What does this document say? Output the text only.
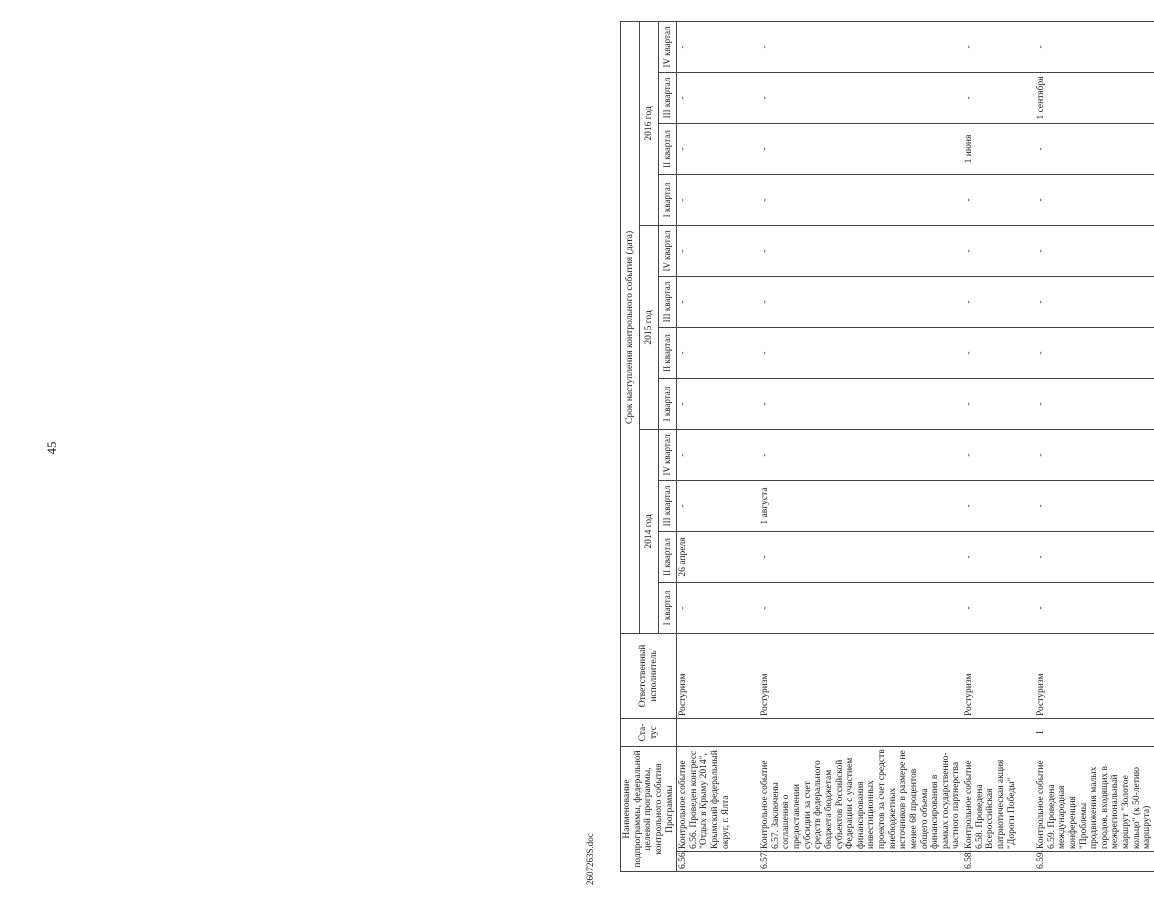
45
Наименование подпрограммы, федеральной целевой программы, контрольного события Программы		Ста-тус	Ответственный исполнитель	Срок наступления контрольного события (дата)											
				2014 год				2015 год				2016 год			
				I квартал	II квартал	III квартал	IV квартал	I квартал	II квартал	III квартал	IV квартал	I квартал	II квартал	III квартал	IV квартал
6.56.	Контрольное событие 6.56. Проведен конгресс "Отдых в Крыму 2014", Крымский федеральный округ, г. Ялта		Ростуризм	-	26 апреля	-	-	-	-	-	-	-	-	-	-
6.57.	Контрольное событие 6.57. Заключены соглашения о предоставлении субсидии за счет средств федерального бюджета бюджетам субъектов Российской Федерации с участием финансирования инвестиционных проектов за счет средств внебюджетных источников в размере не менее 68 процентов общего объема финансирования в рамках государственно-частного партнерства		Ростуризм	-	-	1 августа	-	-	-	-	-	-	-	-	-
6.58.	Контрольное событие 6.58. Проведена Всероссийская патриотическая акция "Дороги Победы"		Ростуризм	-	-	-	-	-	-	-	-	-	1 июня	-	-
6.59.	Контрольное событие 6.59. Проведена международная конференция "Проблемы продвижения малых городов, входящих в межрегиональный маршрут "Золотое кольцо" (к 50-летию маршрута)	I	Ростуризм	-	-	-	-	-	-	-	-	-	-	1 сентября	-
2607263S.doc
